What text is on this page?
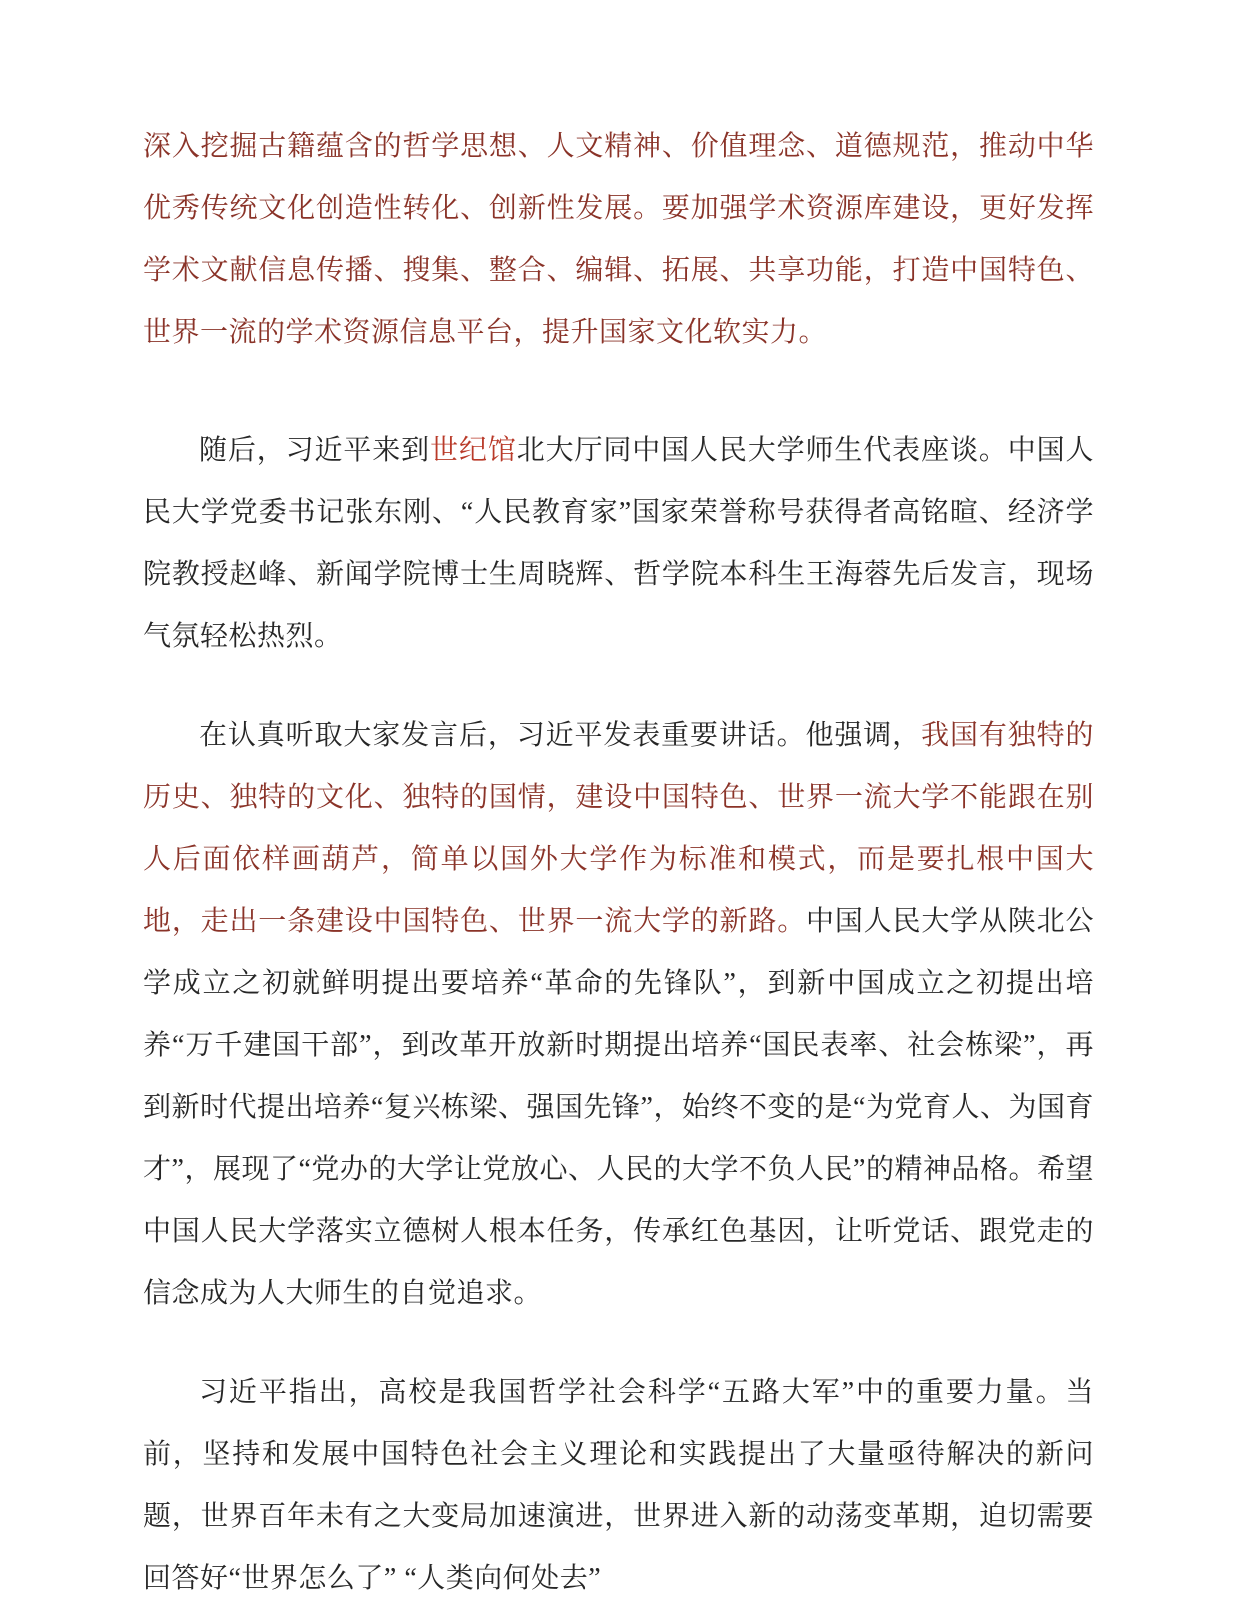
深入挖掘古籍蕴含的哲学思想、人文精神、价值理念、道德规范，推动中华优秀传统文化创造性转化、创新性发展。要加强学术资源库建设，更好发挥学术文献信息传播、搜集、整合、编辑、拓展、共享功能，打造中国特色、世界一流的学术资源信息平台，提升国家文化软实力。

随后，习近平来到世纪馆北大厅同中国人民大学师生代表座谈。中国人民大学党委书记张东刚、“人民教育家”国家荣誉称号获得者高铭暄、经济学院教授赵峰、新闻学院博士生周晓辉、哲学院本科生王海蓉先后发言，现场气氛轻松热烈。

在认真听取大家发言后，习近平发表重要讲话。他强调，我国有独特的历史、独特的文化、独特的国情，建设中国特色、世界一流大学不能跟在别人后面依样画葫芦，简单以国外大学作为标准和模式，而是要扎根中国大地，走出一条建设中国特色、世界一流大学的新路。中国人民大学从陕北公学成立之初就鲜明提出要培养“革命的先锋队”，到新中国成立之初提出培养“万千建国干部”，到改革开放新时期提出培养“国民表率、社会栋梁”，再到新时代提出培养“复兴栋梁、强国先锋”，始终不变的是“为党育人、为国育才”，展现了“党办的大学让党放心、人民的大学不负人民”的精神品格。希望中国人民大学落实立德树人根本任务，传承红色基因，让听党话、跟党走的信念成为人大师生的自觉追求。

习近平指出，高校是我国哲学社会科学“五路大军”中的重要力量。当前，坚持和发展中国特色社会主义理论和实践提出了大量亟待解决的新问题，世界百年未有之大变局加速演进，世界进入新的动荡变革期，迫切需要回答好“世界怎么了” “人类向何处去”
